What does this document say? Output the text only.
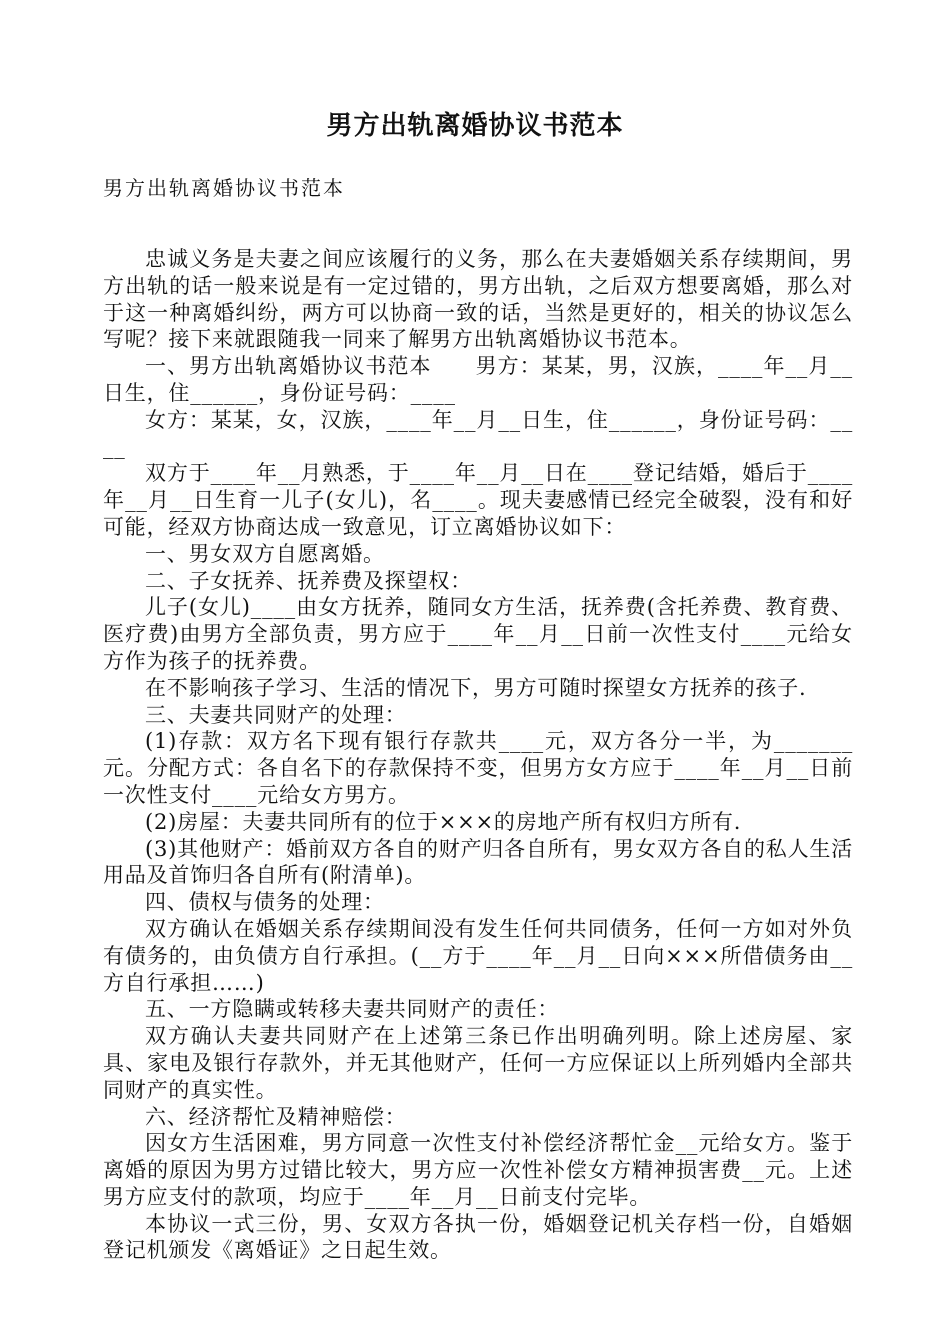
男方出轨离婚协议书范本
男方出轨离婚协议书范本

忠诚义务是夫妻之间应该履行的义务，那么在夫妻婚姻关系存续期间，男方出轨的话一般来说是有一定过错的，男方出轨，之后双方想要离婚，那么对于这一种离婚纠纷，两方可以协商一致的话，当然是更好的，相关的协议怎么写呢？接下来就跟随我一同来了解男方出轨离婚协议书范本。

一、男方出轨离婚协议书范本　　男方：某某，男，汉族，____年__月__日生，住______，身份证号码：____

女方：某某，女，汉族，____年__月__日生，住______，身份证号码：____

双方于____年__月熟悉，于____年__月__日在____登记结婚，婚后于____年__月__日生育一儿子(女儿)，名____。现夫妻感情已经完全破裂，没有和好可能，经双方协商达成一致意见，订立离婚协议如下：

一、男女双方自愿离婚。

二、子女抚养、抚养费及探望权：

儿子(女儿)____由女方抚养，随同女方生活，抚养费(含托养费、教育费、医疗费)由男方全部负责，男方应于____年__月__日前一次性支付____元给女方作为孩子的抚养费。

在不影响孩子学习、生活的情况下，男方可随时探望女方抚养的孩子.

三、夫妻共同财产的处理：

(1)存款：双方名下现有银行存款共____元，双方各分一半，为_______元。分配方式：各自名下的存款保持不变，但男方女方应于____年__月__日前一次性支付____元给女方男方。

(2)房屋：夫妻共同所有的位于×××的房地产所有权归方所有.

(3)其他财产：婚前双方各自的财产归各自所有，男女双方各自的私人生活用品及首饰归各自所有(附清单)。

四、债权与债务的处理：

双方确认在婚姻关系存续期间没有发生任何共同债务，任何一方如对外负有债务的，由负债方自行承担。(__方于____年__月__日向×××所借债务由__方自行承担……)

五、一方隐瞒或转移夫妻共同财产的责任：

双方确认夫妻共同财产在上述第三条已作出明确列明。除上述房屋、家具、家电及银行存款外，并无其他财产，任何一方应保证以上所列婚内全部共同财产的真实性。

六、经济帮忙及精神赔偿：

因女方生活困难，男方同意一次性支付补偿经济帮忙金__元给女方。鉴于离婚的原因为男方过错比较大，男方应一次性补偿女方精神损害费__元。上述男方应支付的款项，均应于____年__月__日前支付完毕。

本协议一式三份，男、女双方各执一份，婚姻登记机关存档一份，自婚姻登记机颁发《离婚证》之日起生效。
